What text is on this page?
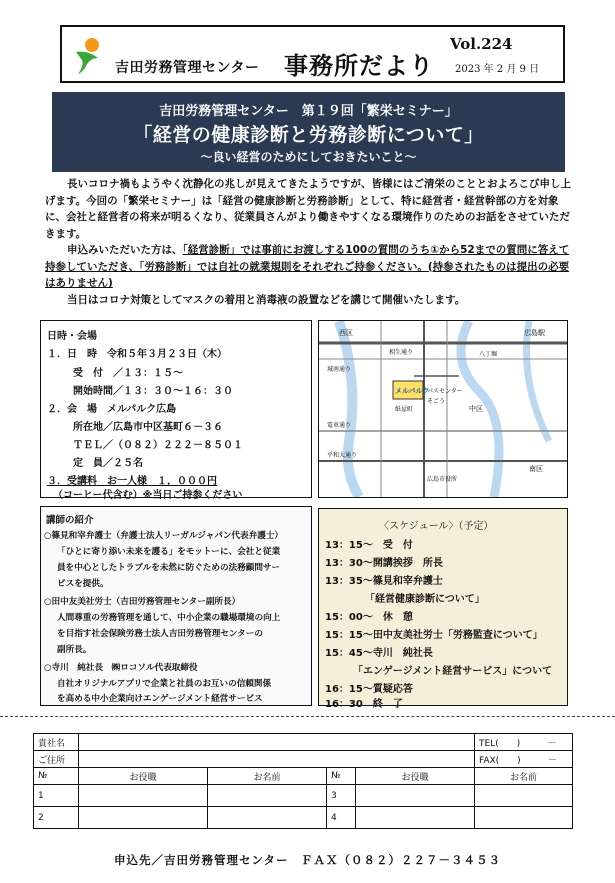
吉田労務管理センター 事務所だより
Vol.224
2023 年 2 月 9 日
吉田労務管理センター　第１９回「繁栄セミナー」
「経営の健康診断と労務診断について」
～良い経営のためにしておきたいこと～

長いコロナ禍もようやく沈静化の兆しが見えてきたようですが、皆様にはご清栄のこととおよろこび申し上げます。今回の「繁栄セミナー」は「経営の健康診断と労務診断」として、特に経営者・経営幹部の方を対象に、会社と経営者の将来が明るくなり、従業員さんがより働きやすくなる環境作りのためのお話をさせていただきます。

申込みいただいた方は、「経営診断」では事前にお渡しする100の質問のうち①から52までの質問に答えて持参していただき、「労務診断」では自社の就業規則をそれぞれご持参ください。(持参されたものは提出の必要はありません)

当日はコロナ対策としてマスクの着用と消毒液の設置などを講じて開催いたします。

日時・会場
１．日　時　令和５年３月２３日（木）
受　付　／１３：１５～
開始時間／１３：３０～１６：３０
２．会　場　メルパルク広島
所在地／広島市中区基町６－３６
ＴＥＬ／（０８２）２２２－８５０１
定　員／２５名
３．受講料　お一人様　１，０００円
（コーヒー代含む）※当日ご持参ください
西区	広島駅
中区
南区
相生通り
電車通り
城南通り
平和大通り
広島市役所
紙屋町
パスセンター
そごう
八丁堀
メルパルク
講師の紹介
○篠見和宰弁護士（弁護士法人リーガルジャパン代表弁護士）
「ひとに寄り添い未来を護る」をモットーに、会社と従業
員を中心としたトラブルを未然に防ぐための法務顧問サー
ビスを提供。
○田中友美社労士（吉田労務管理センター副所長）
人間尊重の労務管理を通して、中小企業の職場環境の向上
を目指す社会保険労務士法人吉田労務管理センターの
副所長。
○寺川　純社長　㈱ロコソル代表取締役
自社オリジナルアプリで企業と社員のお互いの信頼関係
を高める中小企業向けエンゲージメント経営サービス
〈スケジュール〉（予定）
13：15～　受　付
13：30～開講挨拶　所長
13：35～篠見和宰弁護士
「経営健康診断について」
15：00～　休　憩
15：15～田中友美社労士「労務監査について」
15：45～寺川　純社長
「エンゲージメント経営サービス」について
16：15～質疑応答
16：30　終　了
貴社名					TEL(　　)　　　－
ご住所					FAX(　　)　　　－
№	お役職	お名前	№	お役職	お名前
1			3		
2			4		
申込先／吉田労務管理センター　ＦＡＸ（０８２）２２７－３４５３
